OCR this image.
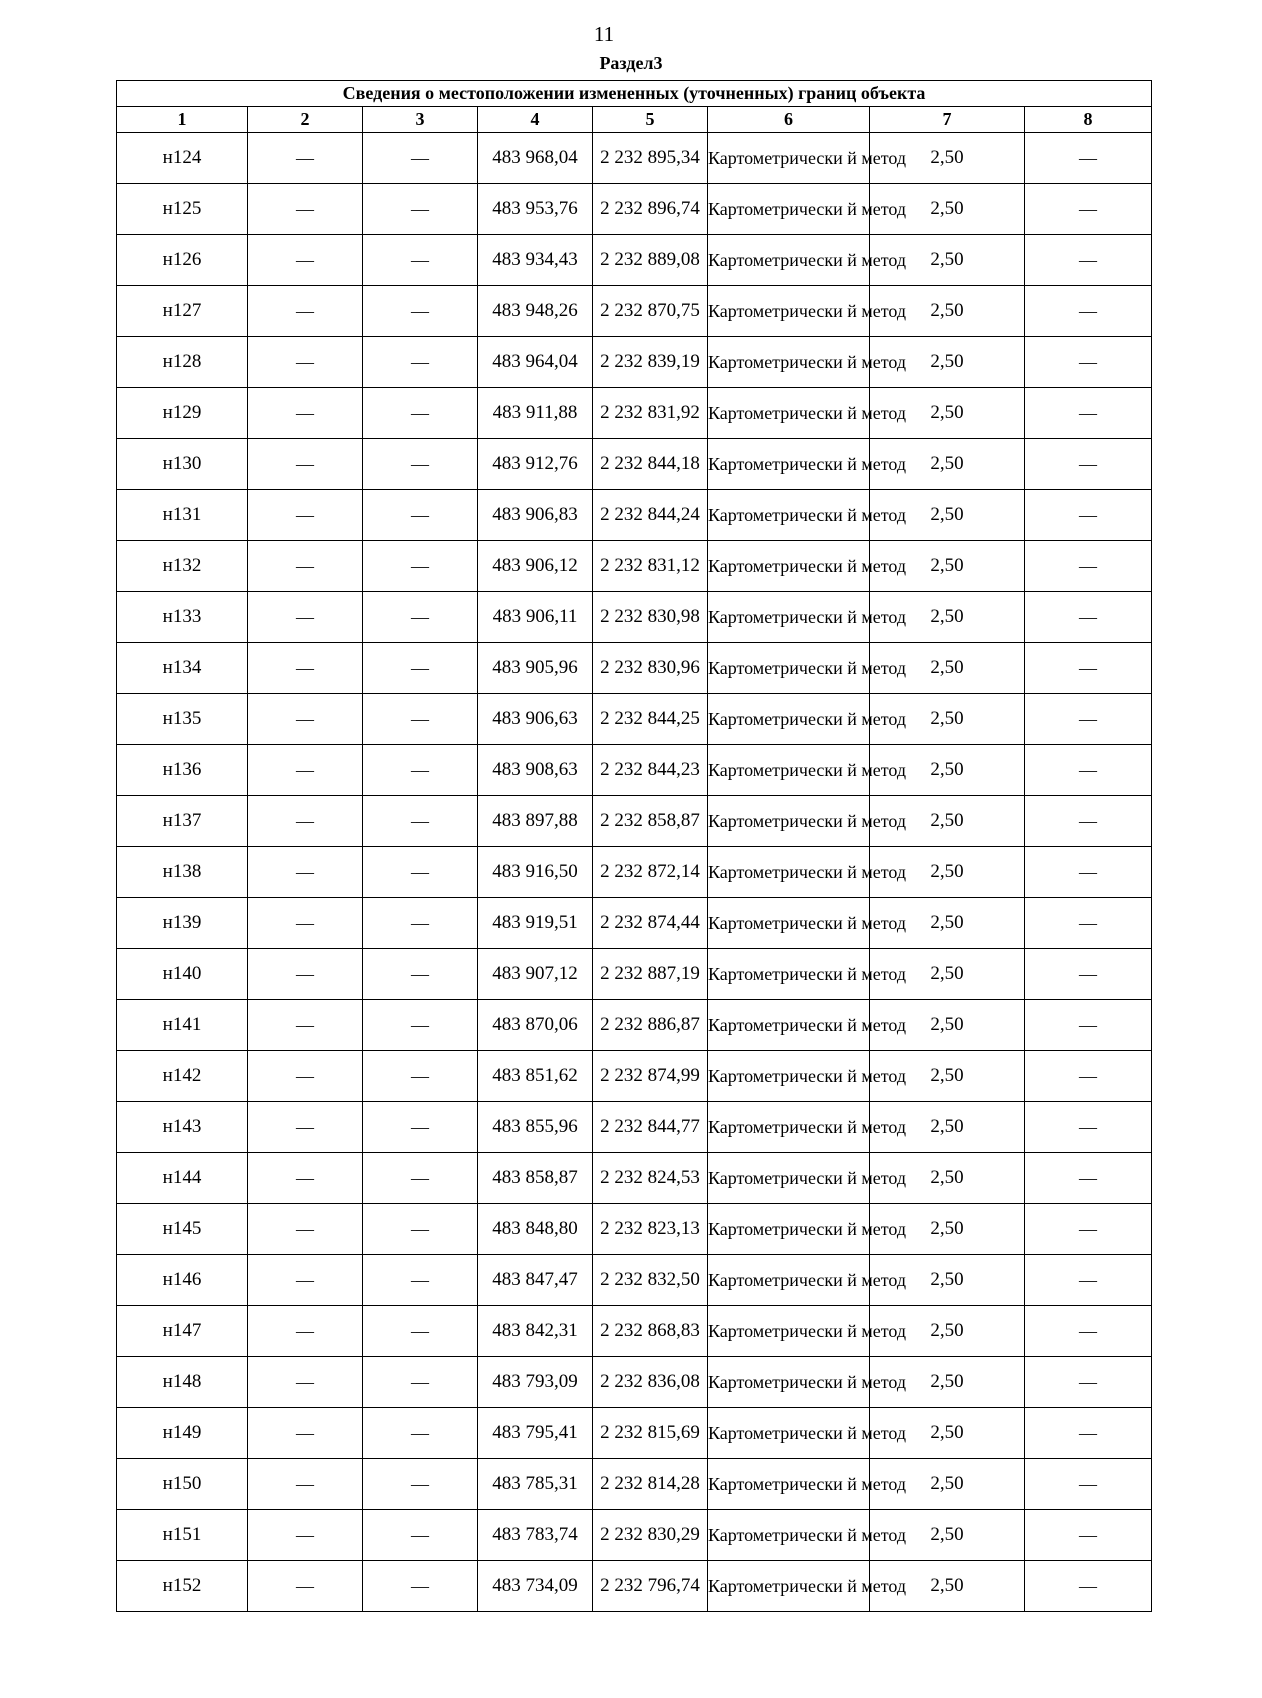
11
Раздел3
Сведения о местоположении измененных (уточненных) границ объекта							
1	2	3	4	5	6	7	8
н124	—	—	483 968,04	2 232 895,34	Картометрически й метод	2,50	—
н125	—	—	483 953,76	2 232 896,74	Картометрически й метод	2,50	—
н126	—	—	483 934,43	2 232 889,08	Картометрически й метод	2,50	—
н127	—	—	483 948,26	2 232 870,75	Картометрически й метод	2,50	—
н128	—	—	483 964,04	2 232 839,19	Картометрически й метод	2,50	—
н129	—	—	483 911,88	2 232 831,92	Картометрически й метод	2,50	—
н130	—	—	483 912,76	2 232 844,18	Картометрически й метод	2,50	—
н131	—	—	483 906,83	2 232 844,24	Картометрически й метод	2,50	—
н132	—	—	483 906,12	2 232 831,12	Картометрически й метод	2,50	—
н133	—	—	483 906,11	2 232 830,98	Картометрически й метод	2,50	—
н134	—	—	483 905,96	2 232 830,96	Картометрически й метод	2,50	—
н135	—	—	483 906,63	2 232 844,25	Картометрически й метод	2,50	—
н136	—	—	483 908,63	2 232 844,23	Картометрически й метод	2,50	—
н137	—	—	483 897,88	2 232 858,87	Картометрически й метод	2,50	—
н138	—	—	483 916,50	2 232 872,14	Картометрически й метод	2,50	—
н139	—	—	483 919,51	2 232 874,44	Картометрически й метод	2,50	—
н140	—	—	483 907,12	2 232 887,19	Картометрически й метод	2,50	—
н141	—	—	483 870,06	2 232 886,87	Картометрически й метод	2,50	—
н142	—	—	483 851,62	2 232 874,99	Картометрически й метод	2,50	—
н143	—	—	483 855,96	2 232 844,77	Картометрически й метод	2,50	—
н144	—	—	483 858,87	2 232 824,53	Картометрически й метод	2,50	—
н145	—	—	483 848,80	2 232 823,13	Картометрически й метод	2,50	—
н146	—	—	483 847,47	2 232 832,50	Картометрически й метод	2,50	—
н147	—	—	483 842,31	2 232 868,83	Картометрически й метод	2,50	—
н148	—	—	483 793,09	2 232 836,08	Картометрически й метод	2,50	—
н149	—	—	483 795,41	2 232 815,69	Картометрически й метод	2,50	—
н150	—	—	483 785,31	2 232 814,28	Картометрически й метод	2,50	—
н151	—	—	483 783,74	2 232 830,29	Картометрически й метод	2,50	—
н152	—	—	483 734,09	2 232 796,74	Картометрически й метод	2,50	—
